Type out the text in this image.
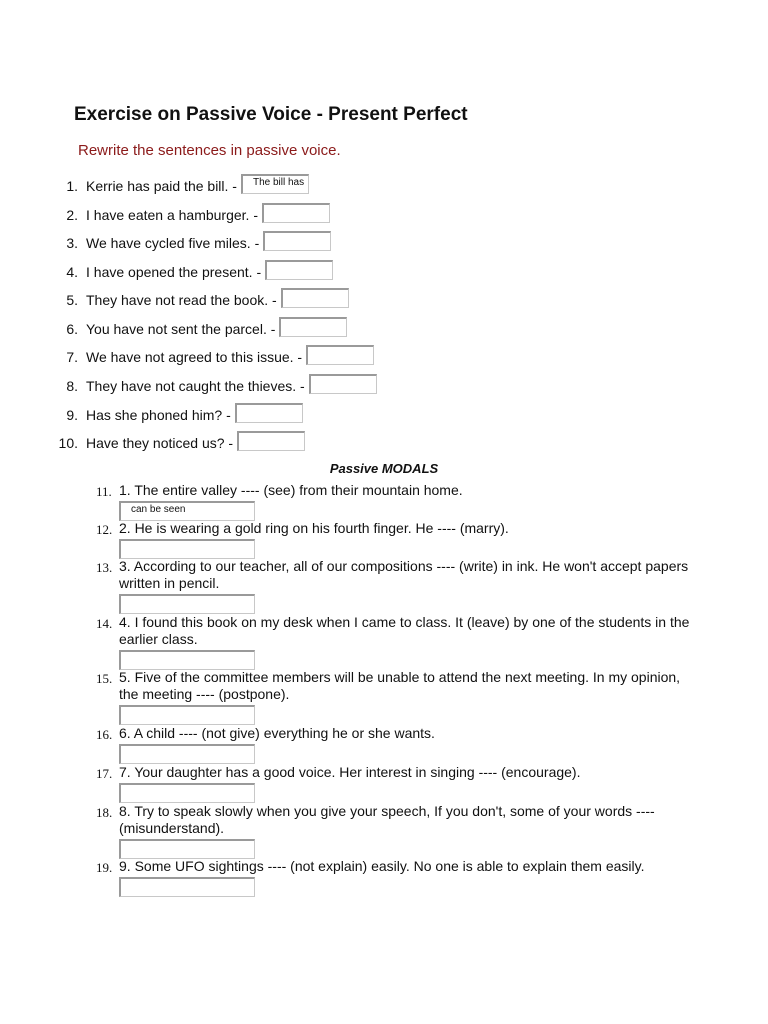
Exercise on Passive Voice - Present Perfect
Rewrite the sentences in passive voice.
1. Kerrie has paid the bill. -	The bill has
2. I have eaten a hamburger. -
3. We have cycled five miles. -
4. I have opened the present. -
5. They have not read the book. -
6. You have not sent the parcel. -
7. We have not agreed to this issue. -
8. They have not caught the thieves. -
9. Has she phoned him? -
10. Have they noticed us? -
Passive MODALS
11. 1. The entire valley ---- (see) from their mountain home.
can be seen
12. 2. He is wearing a gold ring on his fourth finger. He ---- (marry).
13. 3. According to our teacher, all of our compositions ---- (write) in ink. He won't accept papers written in pencil.
14. 4. I found this book on my desk when I came to class. It (leave) by one of the students in the earlier class.
15. 5. Five of the committee members will be unable to attend the next meeting. In my opinion, the meeting ---- (postpone).
16. 6. A child ---- (not give) everything he or she wants.
17. 7. Your daughter has a good voice. Her interest in singing ---- (encourage).
18. 8. Try to speak slowly when you give your speech, If you don't, some of your words ---- (misunderstand).
19. 9. Some UFO sightings ---- (not explain) easily. No one is able to explain them easily.
